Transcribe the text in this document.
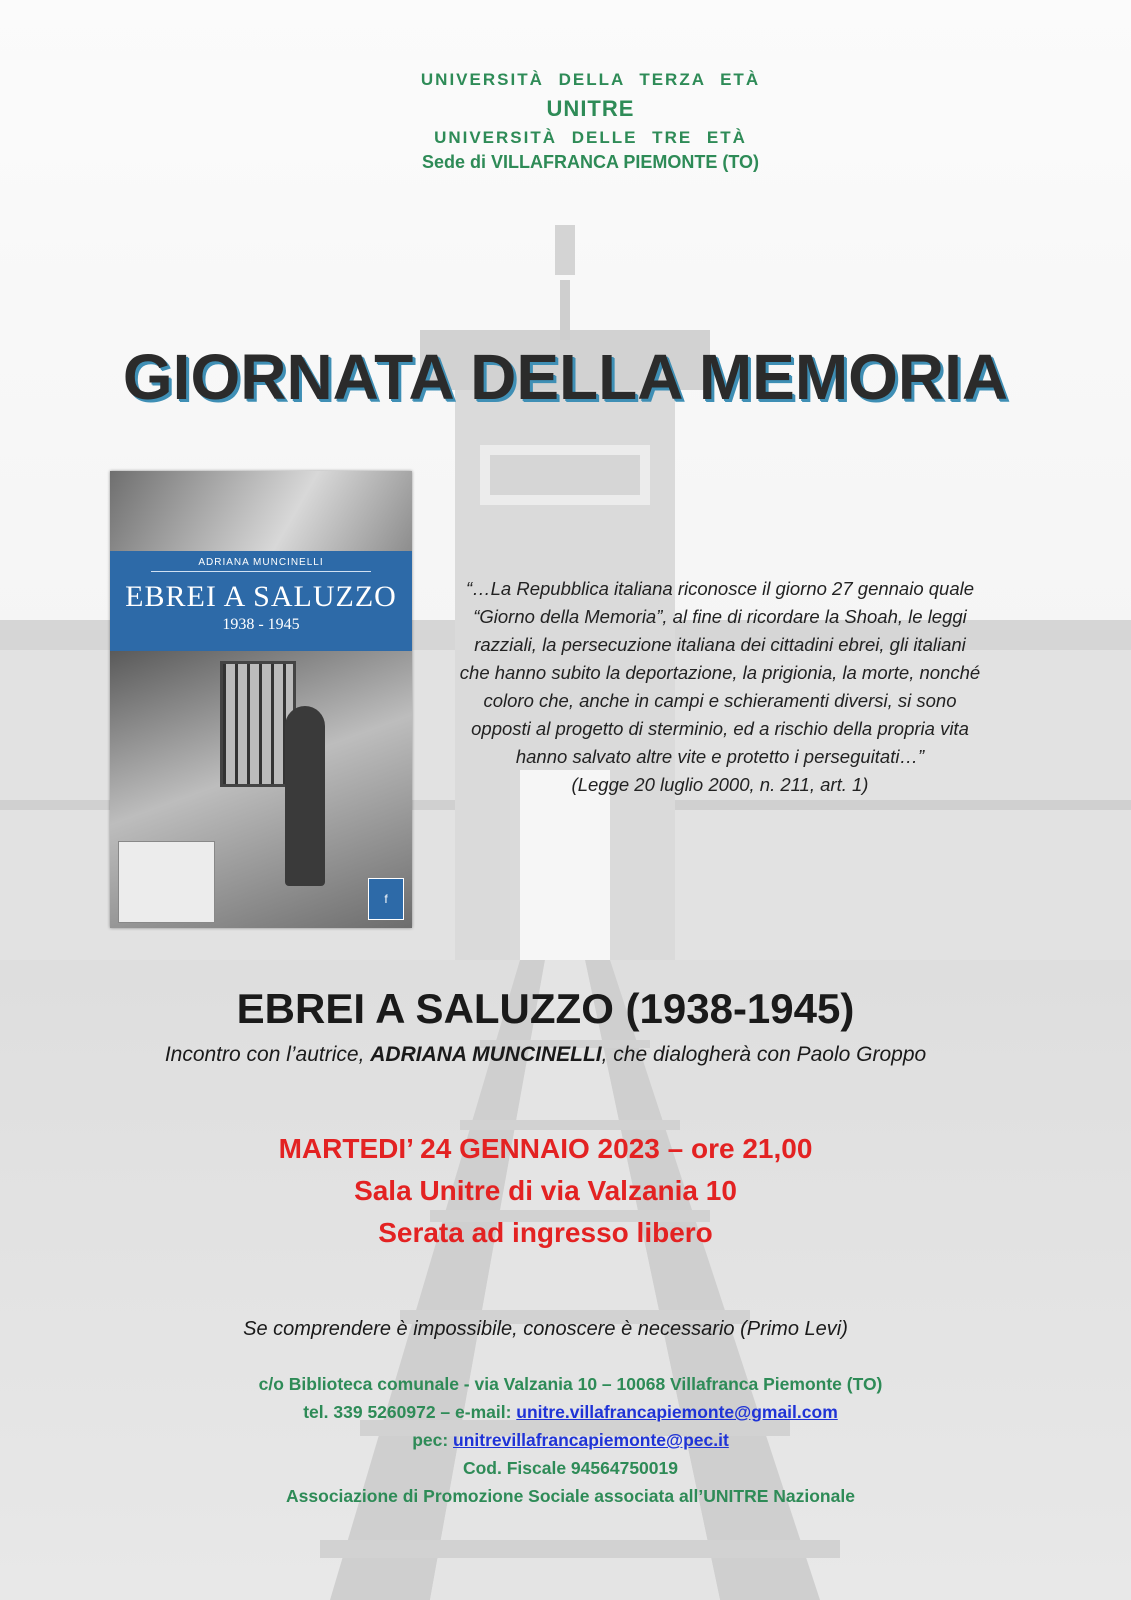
UNIVERSITÀ DELLA TERZA ETÀ
UNITRE
UNIVERSITÀ DELLE TRE ETÀ
Sede di VILLAFRANCA PIEMONTE (TO)
GIORNATA DELLA MEMORIA
ADRIANA MUNCINELLI
EBREI A SALUZZO
1938 - 1945
f
“…La Repubblica italiana riconosce il giorno 27 gennaio quale
“Giorno della Memoria”, al fine di ricordare la Shoah, le leggi
razziali, la persecuzione italiana dei cittadini ebrei, gli italiani
che hanno subito la deportazione, la prigionia, la morte, nonché
coloro che, anche in campi e schieramenti diversi, si sono
opposti al progetto di sterminio, ed a rischio della propria vita
hanno salvato altre vite e protetto i perseguitati…”
(Legge 20 luglio 2000, n. 211, art. 1)
EBREI A SALUZZO (1938-1945)
Incontro con l’autrice, ADRIANA MUNCINELLI, che dialogherà con Paolo Groppo
MARTEDI’ 24 GENNAIO 2023 – ore 21,00
Sala Unitre di via Valzania 10
Serata ad ingresso libero
Se comprendere è impossibile, conoscere è necessario (Primo Levi)
c/o Biblioteca comunale - via Valzania 10 – 10068 Villafranca Piemonte (TO)
tel. 339 5260972 – e-mail: unitre.villafrancapiemonte@gmail.com
pec: unitrevillafrancapiemonte@pec.it
Cod. Fiscale 94564750019
Associazione di Promozione Sociale associata all’UNITRE Nazionale
